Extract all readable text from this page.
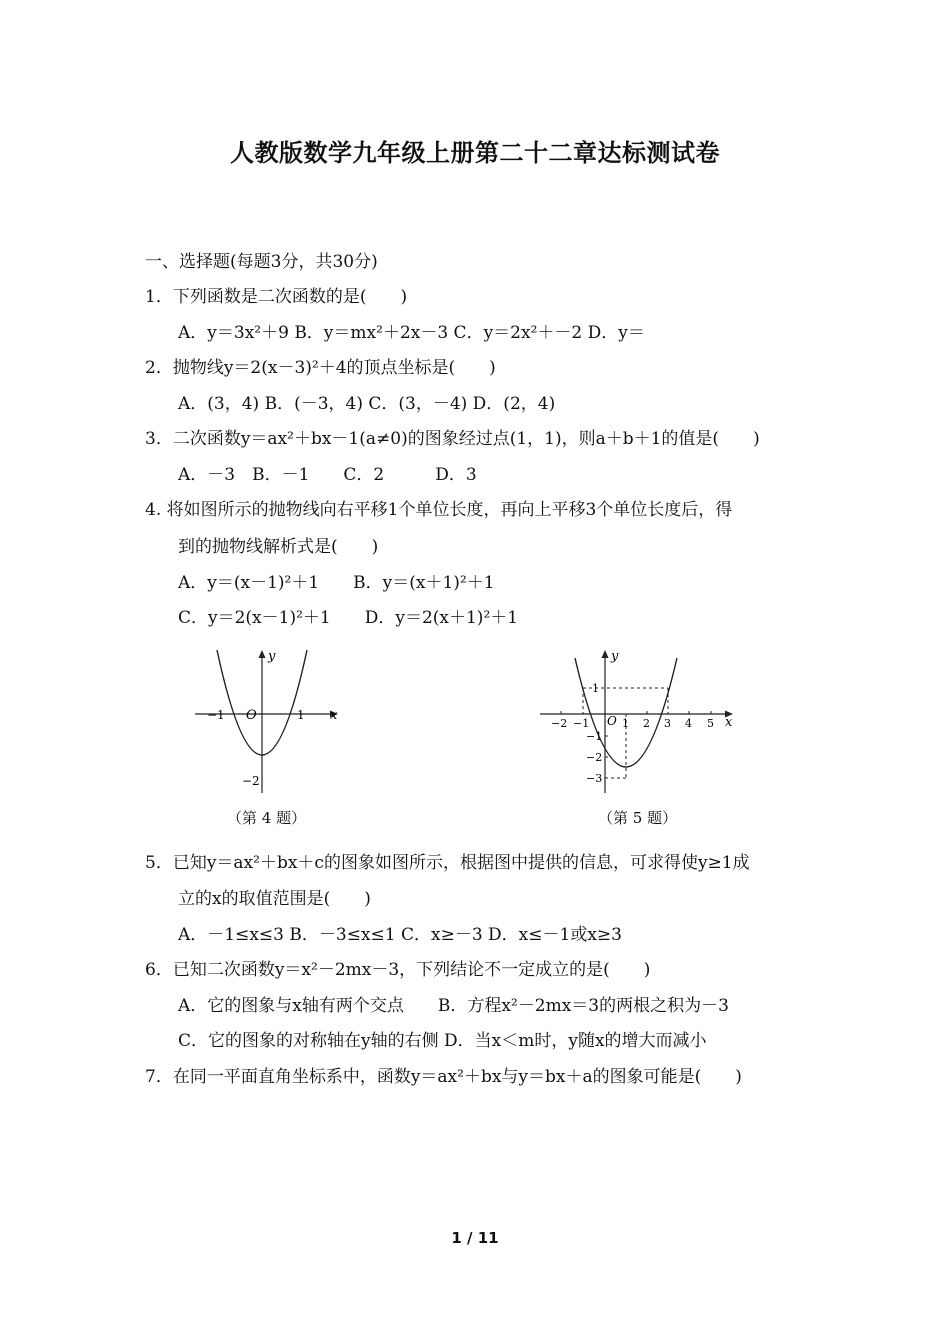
人教版数学九年级上册第二十二章达标测试卷
一、选择题(每题3分，共30分)
1．下列函数是二次函数的是(　　)
A．y＝3x²＋9 B．y＝mx²＋2x－3 C．y＝2x²＋－2 D．y＝
2．抛物线y＝2(x－3)²＋4的顶点坐标是(　　)
A．(3，4) B．(－3，4) C．(3，－4) D．(2，4)
3．二次函数y＝ax²＋bx－1(a≠0)的图象经过点(1，1)，则a＋b＋1的值是(　　)
A．－3　B．－1　　C．2　　　D．3
4. 将如图所示的抛物线向右平移1个单位长度，再向上平移3个单位长度后，得
到的抛物线解析式是(　　)
A．y＝(x－1)²＋1　　B．y＝(x＋1)²＋1
C．y＝2(x－1)²＋1　　D．y＝2(x＋1)²＋1
x
y
O
−1	1
−2
（第 4 题）
x
y
O
−2 −1	1 2 3 4 5
1
−1
−2
−3
（第 5 题）
5．已知y＝ax²＋bx＋c的图象如图所示，根据图中提供的信息，可求得使y≥1成
立的x的取值范围是(　　)
A．－1≤x≤3 B．－3≤x≤1 C．x≥－3 D．x≤－1或x≥3
6．已知二次函数y＝x²－2mx－3，下列结论不一定成立的是(　　)
A．它的图象与x轴有两个交点　　B．方程x²－2mx＝3的两根之积为－3
C．它的图象的对称轴在y轴的右侧 D．当x＜m时，y随x的增大而减小
7．在同一平面直角坐标系中，函数y＝ax²＋bx与y＝bx＋a的图象可能是(　　)
1 / 11
